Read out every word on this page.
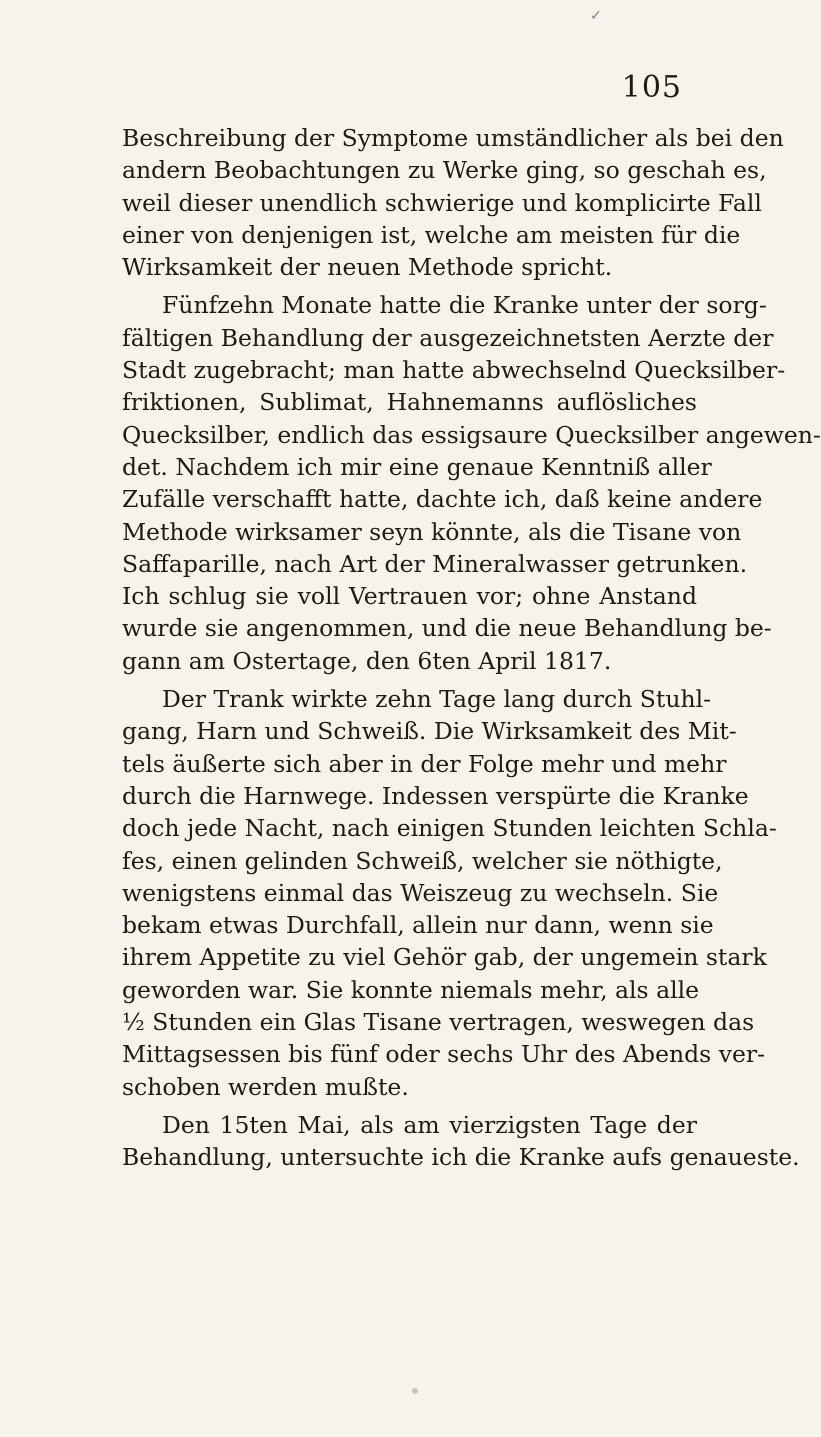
✓
105
Beschreibung der Symptome umständlicher als bei den
andern Beobachtungen zu Werke ging, so geschah es,
weil dieser unendlich schwierige und komplicirte Fall
einer von denjenigen ist, welche am meisten für die
Wirksamkeit der neuen Methode spricht.
Fünfzehn Monate hatte die Kranke unter der sorg-
fältigen Behandlung der ausgezeichnetsten Aerzte der
Stadt zugebracht; man hatte abwechselnd Quecksilber-
friktionen, Sublimat, Hahnemanns auflösliches
Quecksilber, endlich das essigsaure Quecksilber angewen-
det. Nachdem ich mir eine genaue Kenntniß aller
Zufälle verschafft hatte, dachte ich, daß keine andere
Methode wirksamer seyn könnte, als die Tisane von
Saffaparille, nach Art der Mineralwasser getrunken.
Ich schlug sie voll Vertrauen vor; ohne Anstand
wurde sie angenommen, und die neue Behandlung be-
gann am Ostertage, den 6ten April 1817.
Der Trank wirkte zehn Tage lang durch Stuhl-
gang, Harn und Schweiß. Die Wirksamkeit des Mit-
tels äußerte sich aber in der Folge mehr und mehr
durch die Harnwege. Indessen verspürte die Kranke
doch jede Nacht, nach einigen Stunden leichten Schla-
fes, einen gelinden Schweiß, welcher sie nöthigte,
wenigstens einmal das Weiszeug zu wechseln. Sie
bekam etwas Durchfall, allein nur dann, wenn sie
ihrem Appetite zu viel Gehör gab, der ungemein stark
geworden war. Sie konnte niemals mehr, als alle
½ Stunden ein Glas Tisane vertragen, weswegen das
Mittagsessen bis fünf oder sechs Uhr des Abends ver-
schoben werden mußte.
Den 15ten Mai, als am vierzigsten Tage der
Behandlung, untersuchte ich die Kranke aufs genaueste.
